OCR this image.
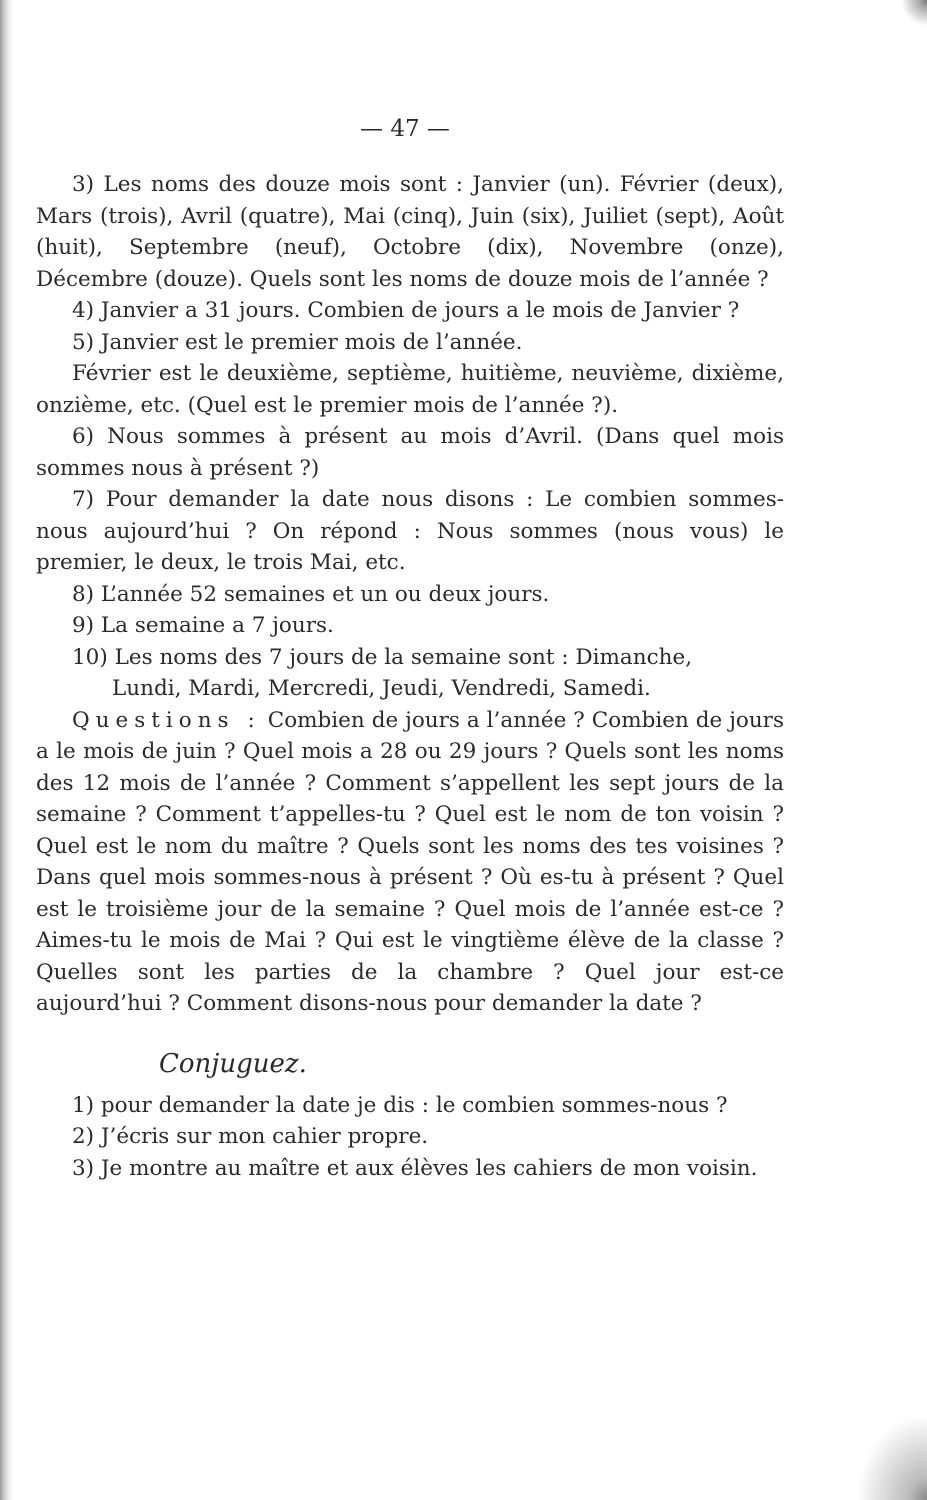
— 47 —

3) Les noms des douze mois sont : Janvier (un). Février (deux), Mars (trois), Avril (quatre), Mai (cinq), Juin (six), Juiliet (sept), Août (huit), Septembre (neuf), Octobre (dix), Novembre (onze), Décembre (douze). Quels sont les noms de douze mois de l’année ?

4) Janvier a 31 jours. Combien de jours a le mois de Janvier ?

5) Janvier est le premier mois de l’année.

Février est le deuxième, septième, huitième, neuvième, dixième, onzième, etc. (Quel est le premier mois de l’année ?).

6) Nous sommes à présent au mois d’Avril. (Dans quel mois sommes nous à présent ?)

7) Pour demander la date nous disons : Le combien sommes-nous aujourd’hui ? On répond : Nous sommes (nous vous) le premier, le deux, le trois Mai, etc.

8) L’année 52 semaines et un ou deux jours.

9) La semaine a 7 jours.

10) Les noms des 7 jours de la semaine sont : Dimanche,

Lundi, Mardi, Mercredi, Jeudi, Vendredi, Samedi.

Questions : Combien de jours a l’année ? Combien de jours a le mois de juin ? Quel mois a 28 ou 29 jours ? Quels sont les noms des 12 mois de l’année ? Comment s’appellent les sept jours de la semaine ? Comment t’appelles-tu ? Quel est le nom de ton voisin ? Quel est le nom du maître ? Quels sont les noms des tes voisines ? Dans quel mois sommes-nous à présent ? Où es-tu à présent ? Quel est le troisième jour de la semaine ? Quel mois de l’année est-ce ? Aimes-tu le mois de Mai ? Qui est le vingtième élève de la classe ? Quelles sont les parties de la chambre ? Quel jour est-ce aujourd’hui ? Comment disons-nous pour demander la date ?

Conjuguez.

1) pour demander la date je dis : le combien sommes-nous ?

2) J’écris sur mon cahier propre.

3) Je montre au maître et aux élèves les cahiers de mon voisin.
